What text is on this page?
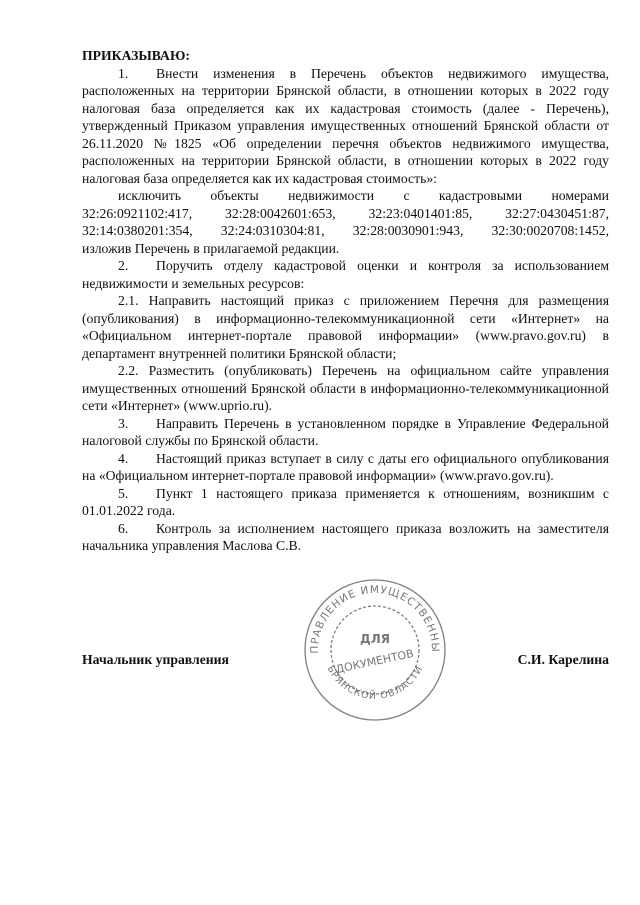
ПРИКАЗЫВАЮ:

1. Внести изменения в Перечень объектов недвижимого имущества, расположенных на территории Брянской области, в отношении которых в 2022 году налоговая база определяется как их кадастровая стоимость (далее - Перечень), утвержденный Приказом управления имущественных отношений Брянской области от 26.11.2020 №1825 «Об определении перечня объектов недвижимого имущества, расположенных на территории Брянской области, в отношении которых в 2022 году налоговая база определяется как их кадастровая стоимость»:

исключить объекты недвижимости с кадастровыми номерами

32:26:0921102:417, 32:28:0042601:653, 32:23:0401401:85, 32:27:0430451:87,

32:14:0380201:354, 32:24:0310304:81, 32:28:0030901:943, 32:30:0020708:1452,

изложив Перечень в прилагаемой редакции.

2. Поручить отделу кадастровой оценки и контроля за использованием недвижимости и земельных ресурсов:

2.1. Направить настоящий приказ с приложением Перечня для размещения (опубликования) в информационно-телекоммуникационной сети «Интернет» на «Официальном интернет-портале правовой информации» (www.pravo.gov.ru) в департамент внутренней политики Брянской области;

2.2. Разместить (опубликовать) Перечень на официальном сайте управления имущественных отношений Брянской области в информационно-телекоммуникационной сети «Интернет» (www.uprio.ru).

3. Направить Перечень в установленном порядке в Управление Федеральной налоговой службы по Брянской области.

4. Настоящий приказ вступает в силу с даты его официального опубликования на «Официальном интернет-портале правовой информации» (www.pravo.gov.ru).

5. Пункт 1 настоящего приказа применяется к отношениям, возникшим с 01.01.2022 года.

6. Контроль за исполнением настоящего приказа возложить на заместителя начальника управления Маслова С.В.

Начальник управления	С.И. Карелина
ПРАВЛЕНИЕ ИМУЩЕСТВЕННЫ
БРЯНСКОЙ ОБЛАСТИ
ДЛЯ
ДОКУМЕНТОВ
